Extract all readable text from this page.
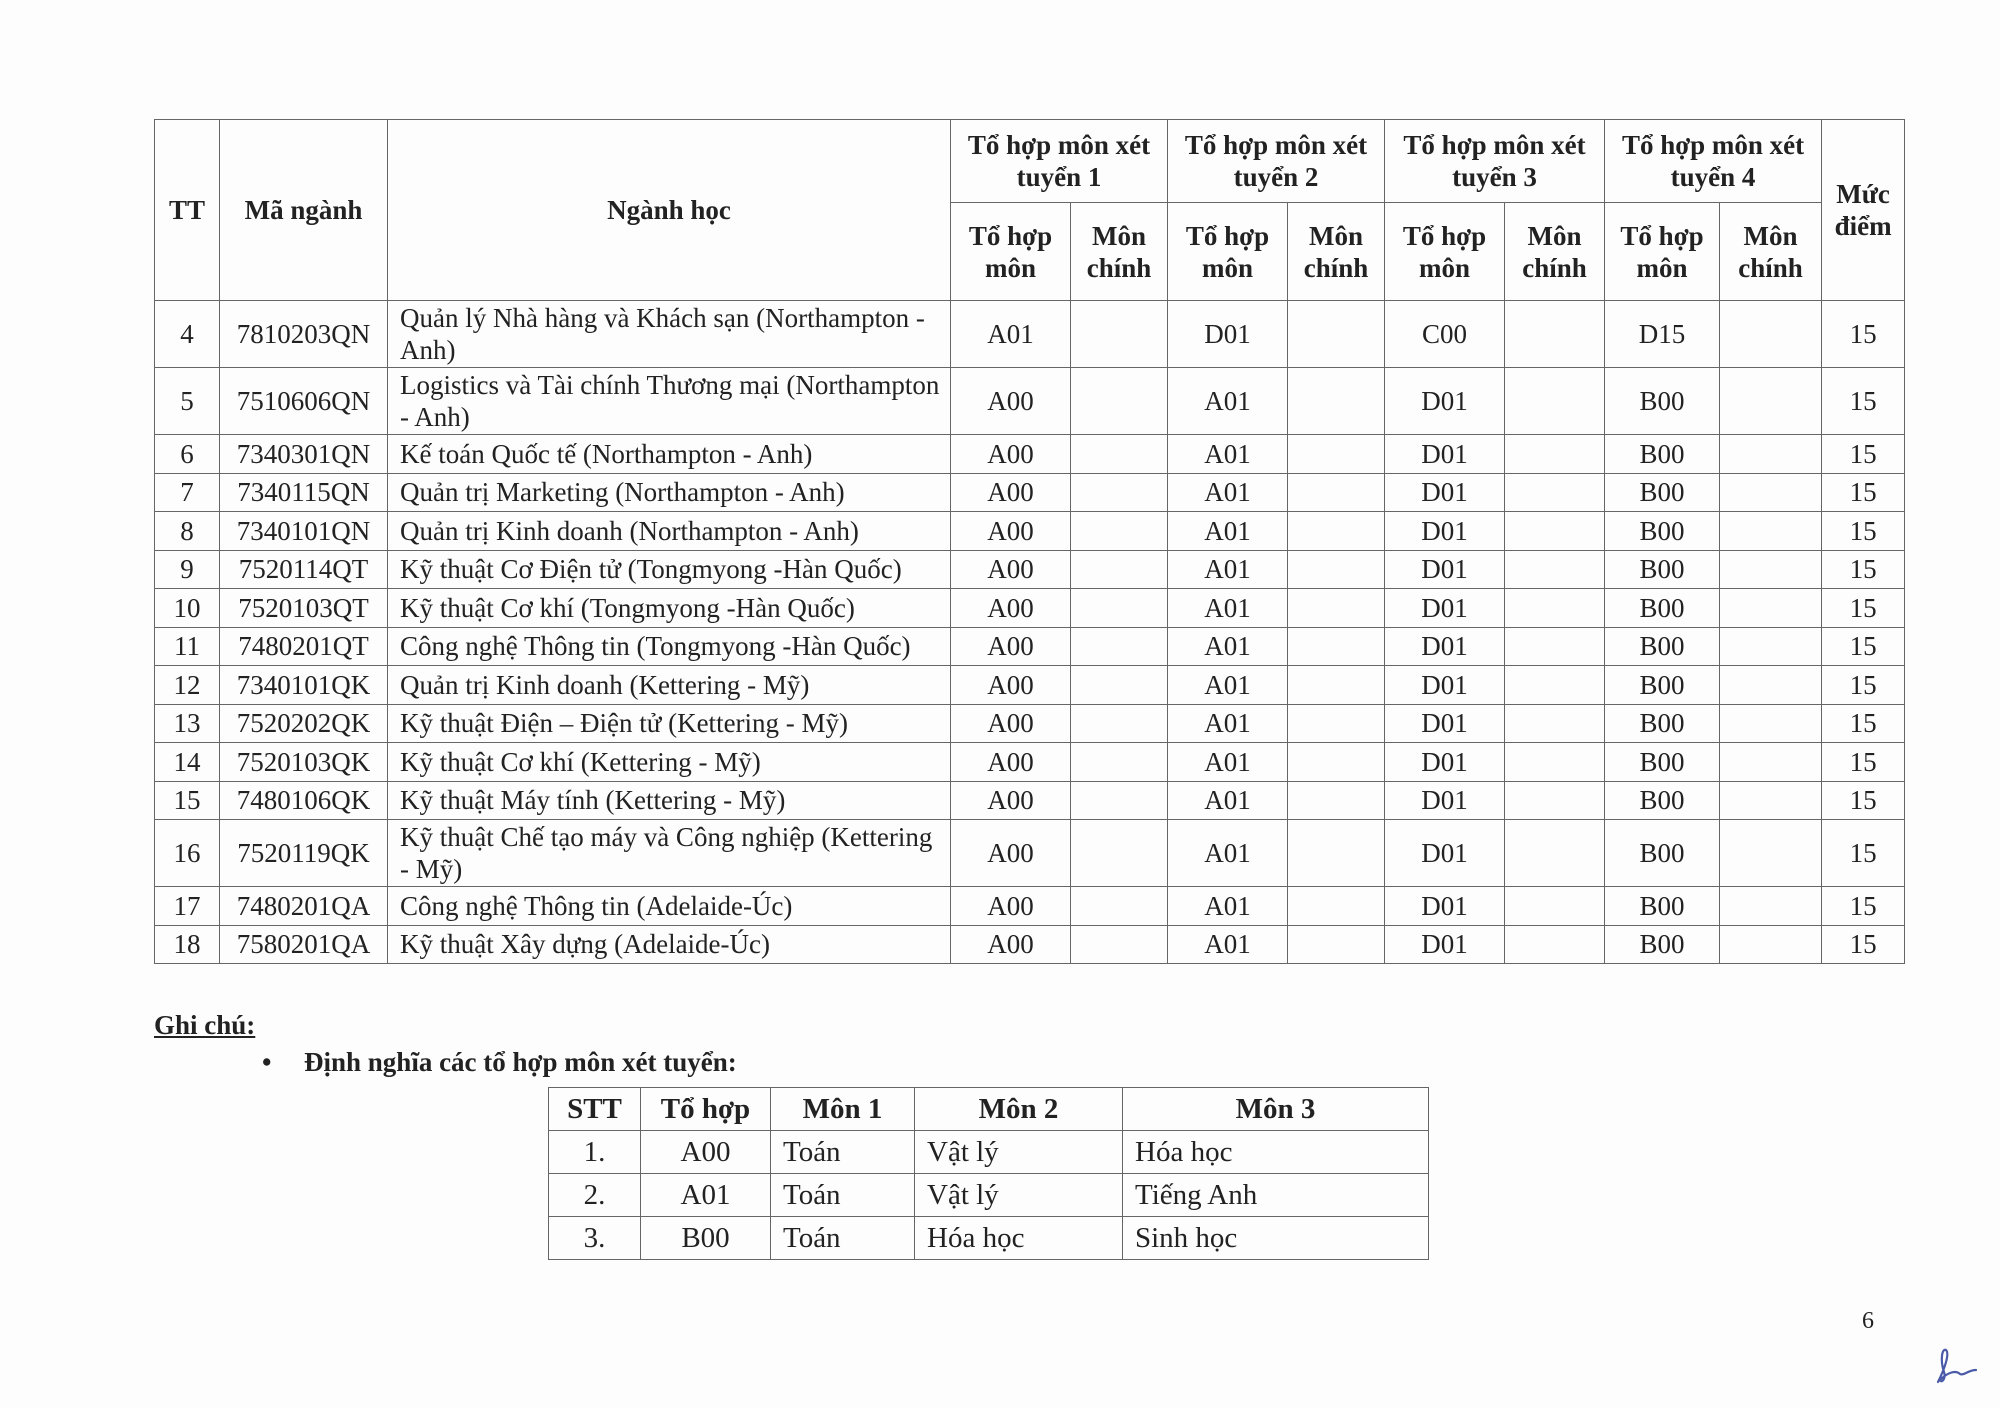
TT	Mã ngành	Ngành học	Tổ hợp môn xét tuyển 1		Tổ hợp môn xét tuyển 2		Tổ hợp môn xét tuyển 3		Tổ hợp môn xét tuyển 4		Mức điểm
			Tổ hợp môn	Môn chính	Tổ hợp môn	Môn chính	Tổ hợp môn	Môn chính	Tổ hợp môn	Môn chính	
4	7810203QN	Quản lý Nhà hàng và Khách sạn (Northampton - Anh)	A01		D01		C00		D15		15
5	7510606QN	Logistics và Tài chính Thương mại (Northampton - Anh)	A00		A01		D01		B00		15
6	7340301QN	Kế toán Quốc tế (Northampton - Anh)	A00		A01		D01		B00		15
7	7340115QN	Quản trị Marketing (Northampton - Anh)	A00		A01		D01		B00		15
8	7340101QN	Quản trị Kinh doanh (Northampton - Anh)	A00		A01		D01		B00		15
9	7520114QT	Kỹ thuật Cơ Điện tử (Tongmyong -Hàn Quốc)	A00		A01		D01		B00		15
10	7520103QT	Kỹ thuật Cơ khí (Tongmyong -Hàn Quốc)	A00		A01		D01		B00		15
11	7480201QT	Công nghệ Thông tin (Tongmyong -Hàn Quốc)	A00		A01		D01		B00		15
12	7340101QK	Quản trị Kinh doanh (Kettering - Mỹ)	A00		A01		D01		B00		15
13	7520202QK	Kỹ thuật Điện – Điện tử (Kettering - Mỹ)	A00		A01		D01		B00		15
14	7520103QK	Kỹ thuật Cơ khí (Kettering - Mỹ)	A00		A01		D01		B00		15
15	7480106QK	Kỹ thuật Máy tính (Kettering - Mỹ)	A00		A01		D01		B00		15
16	7520119QK	Kỹ thuật Chế tạo máy và Công nghiệp (Kettering - Mỹ)	A00		A01		D01		B00		15
17	7480201QA	Công nghệ Thông tin (Adelaide-Úc)	A00		A01		D01		B00		15
18	7580201QA	Kỹ thuật Xây dựng (Adelaide-Úc)	A00		A01		D01		B00		15
Ghi chú:
• Định nghĩa các tổ hợp môn xét tuyển:
STT	Tổ hợp	Môn 1	Môn 2	Môn 3
1.	A00	Toán	Vật lý	Hóa học
2.	A01	Toán	Vật lý	Tiếng Anh
3.	B00	Toán	Hóa học	Sinh học
6
